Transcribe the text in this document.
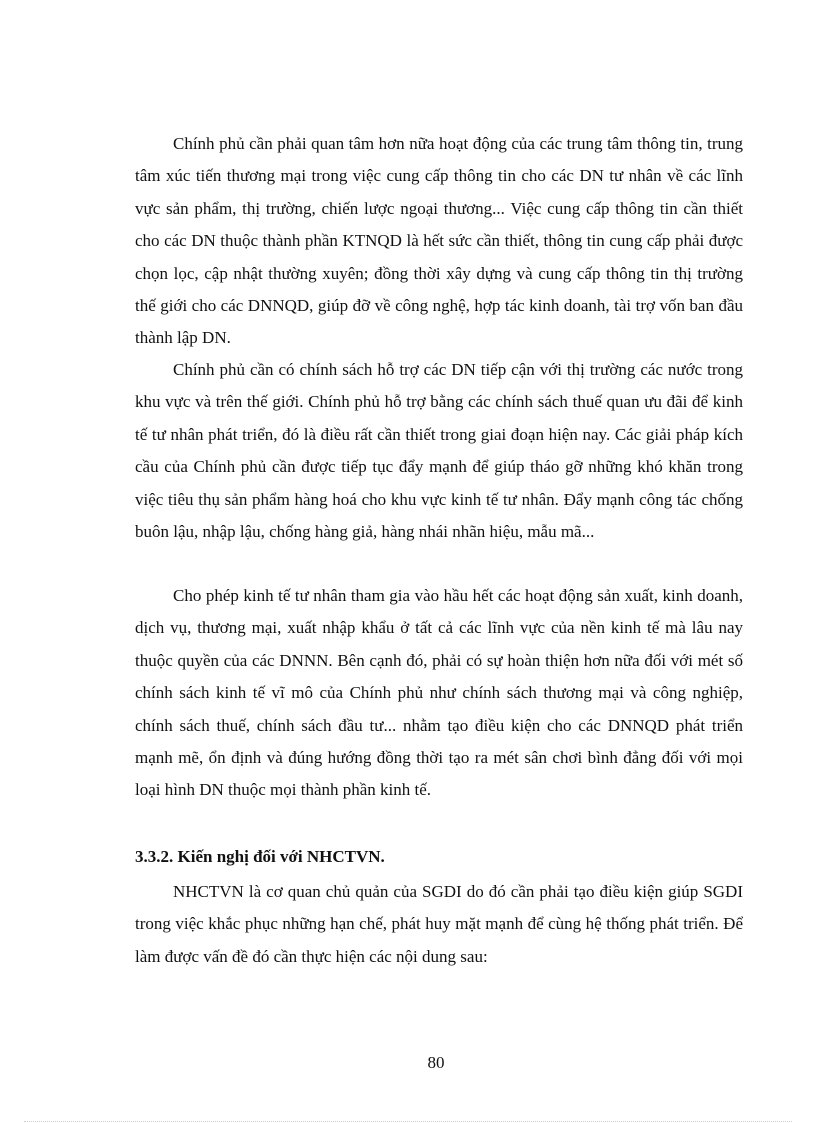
Chính phủ cần phải quan tâm hơn nữa hoạt động của các trung tâm thông tin, trung tâm xúc tiến thương mại trong việc cung cấp thông tin cho các DN tư nhân về các lĩnh vực sản phẩm, thị trường, chiến lược ngoại thương... Việc cung cấp thông tin cần thiết cho các DN thuộc thành phần KTNQD là hết sức cần thiết, thông tin cung cấp phải được chọn lọc, cập nhật thường xuyên; đồng thời xây dựng và cung cấp thông tin thị trường thế giới cho các DNNQD, giúp đỡ về công nghệ, hợp tác kinh doanh, tài trợ vốn ban đầu thành lập DN.

Chính phủ cần có chính sách hỗ trợ các DN tiếp cận với thị trường các nước trong khu vực và trên thế giới. Chính phủ hỗ trợ bằng các chính sách thuế quan ưu đãi để kinh tế tư nhân phát triển, đó là điều rất cần thiết trong giai đoạn hiện nay. Các giải pháp kích cầu của Chính phủ cần được tiếp tục đẩy mạnh để giúp tháo gỡ những khó khăn trong việc tiêu thụ sản phẩm hàng hoá cho khu vực kinh tế tư nhân. Đẩy mạnh công tác chống buôn lậu, nhập lậu, chống hàng giả, hàng nhái nhãn hiệu, mẫu mã...

Cho phép kinh tế tư nhân tham gia vào hầu hết các hoạt động sản xuất, kinh doanh, dịch vụ, thương mại, xuất nhập khẩu ở tất cả các lĩnh vực của nền kinh tế mà lâu nay thuộc quyền của các DNNN. Bên cạnh đó, phải có sự hoàn thiện hơn nữa đối với mét số chính sách kinh tế vĩ mô của Chính phủ như chính sách thương mại và công nghiệp, chính sách thuế, chính sách đầu tư... nhằm tạo điều kiện cho các DNNQD phát triển mạnh mẽ, ổn định và đúng hướng đồng thời tạo ra mét sân chơi bình đẳng đối với mọi loại hình DN thuộc mọi thành phần kinh tế.

3.3.2. Kiến nghị đối với NHCTVN.

NHCTVN là cơ quan chủ quản của SGDI do đó cần phải tạo điều kiện giúp SGDI trong việc khắc phục những hạn chế, phát huy mặt mạnh để cùng hệ thống phát triển. Để làm được vấn đề đó cần thực hiện các nội dung sau:

80
